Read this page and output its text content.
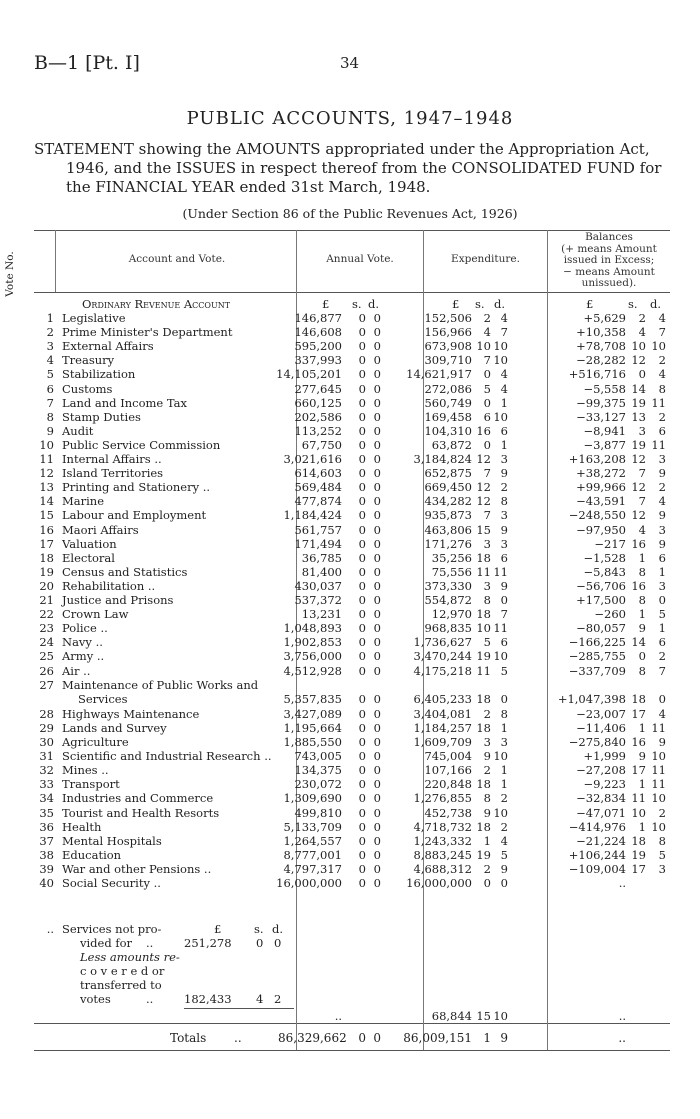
B—1 [Pt. I]	34
PUBLIC ACCOUNTS, 1947–1948
STATEMENT showing the AMOUNTS appropriated under the Appropriation Act,
1946, and the ISSUES in respect thereof from the CONSOLIDATED FUND for
the FINANCIAL YEAR ended 31st March, 1948.
(Under Section 86 of the Public Revenues Act, 1926)
Vote No.	Account and Vote.	Annual Vote.	Expenditure.
Balances
(+ means Amount
issued in Excess;
− means Amount
unissued).
Ordinary Revenue Account	£ s. d.	£ s. d.	£	s. d.
1 Legislative	146,877	0 0	152,506	2 4	+5,629	2	4
2 Prime Minister's Department	146,608	0 0	156,966	4 7	+10,358	4	7
3 External Affairs	595,200	0 0	673,908 10 10	+78,708 10 10
4 Treasury	337,993	0 0	309,710	7 10	−28,282 12	2
5 Stabilization	14,105,201	0 0	14,621,917	0 4	+516,716	0	4
6 Customs	277,645	0 0	272,086	5 4	−5,558 14	8
7 Land and Income Tax	660,125	0 0	560,749	0 1	−99,375 19 11
8 Stamp Duties	202,586	0 0	169,458	6 10	−33,127 13	2
9 Audit	113,252	0 0	104,310 16 6	−8,941	3	6
10 Public Service Commission	67,750	0 0	63,872	0 1	−3,877 19 11
11 Internal Affairs ..	3,021,616	0 0	3,184,824 12 3	+163,208 12	3
12 Island Territories	614,603	0 0	652,875	7 9	+38,272	7	9
13 Printing and Stationery ..	569,484	0 0	669,450 12 2	+99,966 12	2
14 Marine	477,874	0 0	434,282 12 8	−43,591	7	4
15 Labour and Employment	1,184,424	0 0	935,873	7 3	−248,550 12	9
16 Maori Affairs	561,757	0 0	463,806 15 9	−97,950	4	3
17 Valuation	171,494	0 0	171,276	3 3	−217 16	9
18 Electoral	36,785	0 0	35,256 18 6	−1,528	1	6
19 Census and Statistics	81,400	0 0	75,556 11 11	−5,843	8	1
20 Rehabilitation ..	430,037	0 0	373,330	3 9	−56,706 16	3
21 Justice and Prisons	537,372	0 0	554,872	8 0	+17,500	8	0
22 Crown Law	13,231	0 0	12,970 18 7	−260	1	5
23 Police ..	1,048,893	0 0	968,835 10 11	−80,057	9	1
24 Navy ..	1,902,853	0 0	1,736,627	5 6	−166,225 14	6
25 Army ..	3,756,000	0 0	3,470,244 19 10	−285,755	0	2
26 Air ..	4,512,928	0 0	4,175,218 11 5	−337,709	8	7
27 Maintenance of Public Works and
Services	5,357,835	0 0	6,405,233 18 0	+1,047,398 18	0
28 Highways Maintenance	3,427,089	0 0	3,404,081	2 8	−23,007 17	4
29 Lands and Survey	1,195,664	0 0	1,184,257 18 1	−11,406	1 11
30 Agriculture	1,885,550	0 0	1,609,709	3 3	−275,840 16	9
31 Scientific and Industrial Research ..	743,005	0 0	745,004	9 10	+1,999	9 10
32 Mines ..	134,375	0 0	107,166	2 1	−27,208 17 11
33 Transport	230,072	0 0	220,848 18 1	−9,223	1 11
34 Industries and Commerce	1,309,690	0 0	1,276,855	8 2	−32,834 11 10
35 Tourist and Health Resorts	499,810	0 0	452,738	9 10	−47,071 10	2
36 Health	5,133,709	0 0	4,718,732 18 2	−414,976	1 10
37 Mental Hospitals	1,264,557	0 0	1,243,332	1 4	−21,224 18	8
38 Education	8,777,001	0 0	8,883,245 19 5	+106,244 19	5
39 War and other Pensions ..	4,797,317	0 0	4,688,312	2 9	−109,004 17	3
40 Social Security ..	16,000,000	0 0	16,000,000	0 0	..
.. Services not pro-	£	s. d.
vided for ..	251,278 0 0
Less amounts re-
c o v e r e d or
transferred to
votes	..	182,433 4 2
..	68,844 15 10	..
Totals ..	86,329,662 0 0	86,009,151 1 9	..
